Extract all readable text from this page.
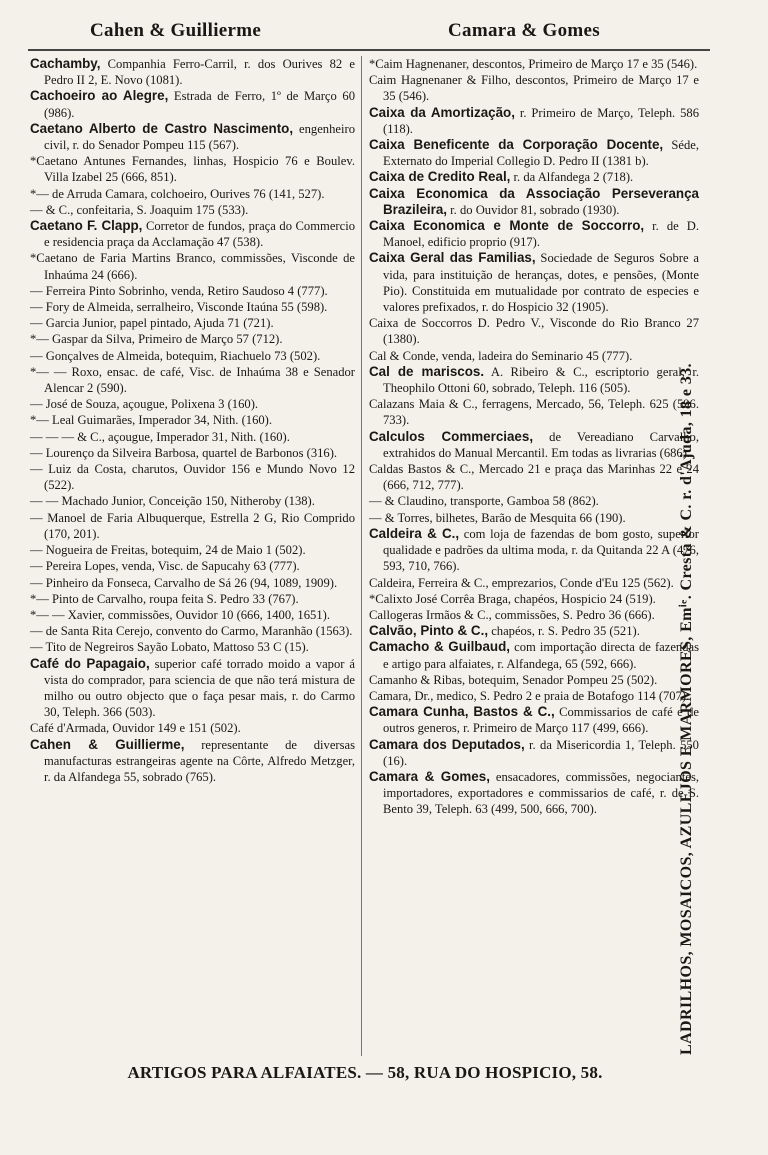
Cahen & Guillierme	Camara & Gomes
Cachamby, Companhia Ferro-Carril, r. dos Ourives 82 e Pedro II 2, E. Novo (1081).
Cachoeiro ao Alegre, Estrada de Ferro, 1º de Março 60 (986).
Caetano Alberto de Castro Nascimento, engenheiro civil, r. do Senador Pompeu 115 (567).
*Caetano Antunes Fernandes, linhas, Hospicio 76 e Boulev. Villa Izabel 25 (666, 851).
*— de Arruda Camara, colchoeiro, Ourives 76 (141, 527).
— & C., confeitaria, S. Joaquim 175 (533).
Caetano F. Clapp, Corretor de fundos, praça do Commercio e residencia praça da Acclamação 47 (538).
*Caetano de Faria Martins Branco, commissões, Visconde de Inhaúma 24 (666).
— Ferreira Pinto Sobrinho, venda, Retiro Saudoso 4 (777).
— Fory de Almeida, serralheiro, Visconde Itaúna 55 (598).
— Garcia Junior, papel pintado, Ajuda 71 (721).
*— Gaspar da Silva, Primeiro de Março 57 (712).
— Gonçalves de Almeida, botequim, Riachuelo 73 (502).
*— — Roxo, ensac. de café, Visc. de Inhaúma 38 e Senador Alencar 2 (590).
— José de Souza, açougue, Polixena 3 (160).
*— Leal Guimarães, Imperador 34, Nith. (160).
— — — & C., açougue, Imperador 31, Nith. (160).
— Lourenço da Silveira Barbosa, quartel de Barbonos (316).
— Luiz da Costa, charutos, Ouvidor 156 e Mundo Novo 12 (522).
— — Machado Junior, Conceição 150, Nitheroby (138).
— Manoel de Faria Albuquerque, Estrella 2 G, Rio Comprido (170, 201).
— Nogueira de Freitas, botequim, 24 de Maio 1 (502).
— Pereira Lopes, venda, Visc. de Sapucahy 63 (777).
— Pinheiro da Fonseca, Carvalho de Sá 26 (94, 1089, 1909).
*— Pinto de Carvalho, roupa feita S. Pedro 33 (767).
*— — Xavier, commissões, Ouvidor 10 (666, 1400, 1651).
— de Santa Rita Cerejo, convento do Carmo, Maranhão (1563).
— Tito de Negreiros Sayão Lobato, Mattoso 53 C (15).
Café do Papagaio, superior café torrado moido a vapor á vista do comprador, para sciencia de que não terá mistura de milho ou outro objecto que o faça pesar mais, r. do Carmo 30, Teleph. 366 (503).
Café d'Armada, Ouvidor 149 e 151 (502).
Cahen & Guillierme, representante de diversas manufacturas estrangeiras agente na Côrte, Alfredo Metzger, r. da Alfandega 55, sobrado (765).
*Caim Hagnenaner, descontos, Primeiro de Março 17 e 35 (546).
Caim Hagnenaner & Filho, descontos, Primeiro de Março 17 e 35 (546).
Caixa da Amortização, r. Primeiro de Março, Teleph. 586 (118).
Caixa Beneficente da Corporação Docente, Séde, Externato do Imperial Collegio D. Pedro II (1381 b).
Caixa de Credito Real, r. da Alfandega 2 (718).
Caixa Economica da Associação Perseverança Brazileira, r. do Ouvidor 81, sobrado (1930).
Caixa Economica e Monte de Soccorro, r. de D. Manoel, edificio proprio (917).
Caixa Geral das Familias, Sociedade de Seguros Sobre a vida, para instituição de heranças, dotes, e pensões, (Monte Pio). Constituida em mutualidade por contrato de especies e valores prefixados, r. do Hospicio 32 (1905).
Caixa de Soccorros D. Pedro V., Visconde do Rio Branco 27 (1380).
Cal & Conde, venda, ladeira do Seminario 45 (777).
Cal de mariscos. A. Ribeiro & C., escriptorio geral, r. Theophilo Ottoni 60, sobrado, Teleph. 116 (505).
Calazans Maia & C., ferragens, Mercado, 56, Teleph. 625 (596. 733).
Calculos Commerciaes, de Vereadiano Carvalho, extrahidos do Manual Mercantil. Em todas as livrarias (686).
Caldas Bastos & C., Mercado 21 e praça das Marinhas 22 e 24 (666, 712, 777).
— & Claudino, transporte, Gamboa 58 (862).
— & Torres, bilhetes, Barão de Mesquita 66 (190).
Caldeira & C., com loja de fazendas de bom gosto, superior qualidade e padrões da ultima moda, r. da Quitanda 22 A (476, 593, 710, 766).
Caldeira, Ferreira & C., emprezarios, Conde d'Eu 125 (562).
*Calixto José Corrêa Braga, chapéos, Hospicio 24 (519).
Callogeras Irmãos & C., commissões, S. Pedro 36 (666).
Calvão, Pinto & C., chapéos, r. S. Pedro 35 (521).
Camacho & Guilbaud, com importação directa de fazendas e artigo para alfaiates, r. Alfandega, 65 (592, 666).
Camanho & Ribas, botequim, Senador Pompeu 25 (502).
Camara, Dr., medico, S. Pedro 2 e praia de Botafogo 114 (707).
Camara Cunha, Bastos & C., Commissarios de café e de outros generos, r. Primeiro de Março 117 (499, 666).
Camara dos Deputados, r. da Misericordia 1, Teleph. 550 (16).
Camara & Gomes, ensacadores, commissões, negociantes, importadores, exportadores e commissarios de café, r. de S. Bento 39, Teleph. 63 (499, 500, 666, 700).	LADRILHOS, MOSAICOS, AZULEJOS E MARMORES, Emⁱᵉ. Cresta & C. r. d'Ajuda, 18 e 33.
ARTIGOS PARA ALFAIATES. — 58, RUA DO HOSPICIO, 58.
